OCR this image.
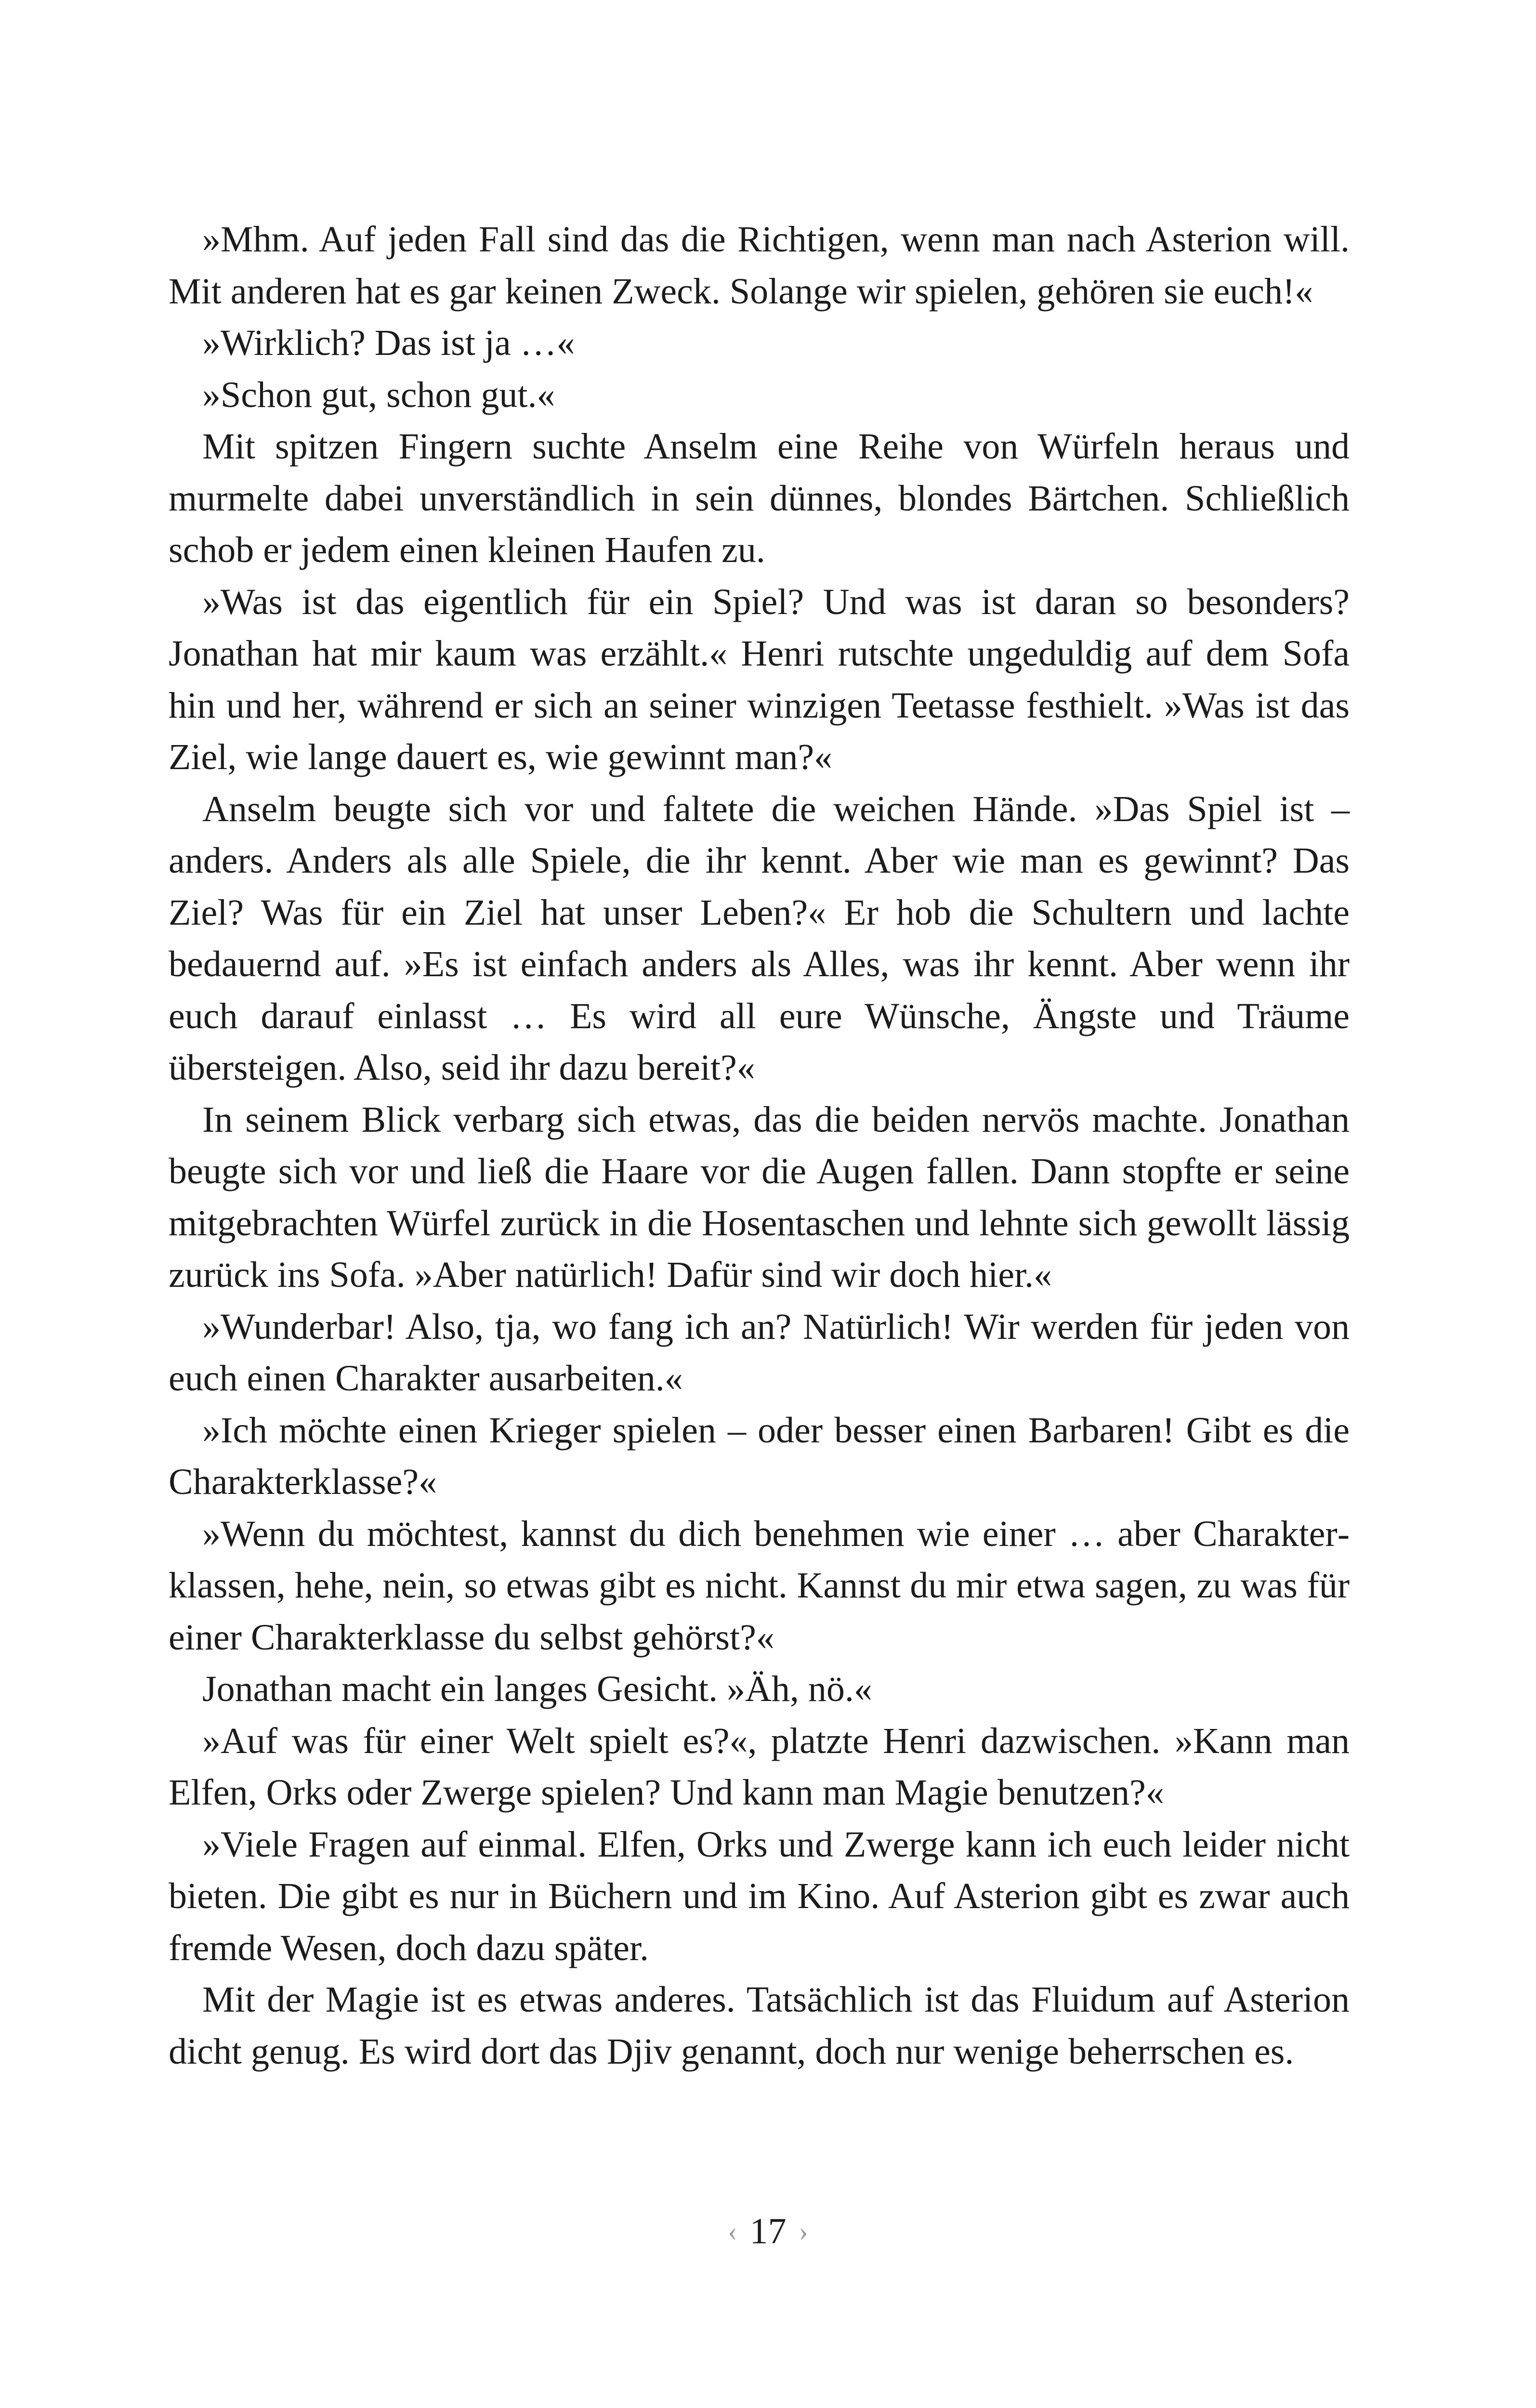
»Mhm. Auf jeden Fall sind das die Richtigen, wenn man nach Asterion will. Mit anderen hat es gar keinen Zweck. Solange wir spielen, gehören sie euch!«

»Wirklich? Das ist ja …«

»Schon gut, schon gut.«

Mit spitzen Fingern suchte Anselm eine Reihe von Würfeln heraus und murmelte dabei unverständlich in sein dünnes, blondes Bärtchen. Schließlich schob er jedem einen kleinen Haufen zu.

»Was ist das eigentlich für ein Spiel? Und was ist daran so besonders? Jonathan hat mir kaum was erzählt.« Henri rutschte ungeduldig auf dem Sofa hin und her, während er sich an seiner winzigen Teetasse festhielt. »Was ist das Ziel, wie lange dauert es, wie gewinnt man?«

Anselm beugte sich vor und faltete die weichen Hände. »Das Spiel ist – anders. Anders als alle Spiele, die ihr kennt. Aber wie man es gewinnt? Das Ziel? Was für ein Ziel hat unser Leben?« Er hob die Schultern und lachte bedauernd auf. »Es ist einfach anders als Alles, was ihr kennt. Aber wenn ihr euch darauf einlasst … Es wird all eure Wünsche, Ängste und Träume übersteigen. Also, seid ihr dazu bereit?«

In seinem Blick verbarg sich etwas, das die beiden nervös machte. Jonathan beugte sich vor und ließ die Haare vor die Augen fallen. Dann stopfte er seine mitgebrachten Würfel zurück in die Hosentaschen und lehnte sich gewollt lässig zurück ins Sofa. »Aber natürlich! Dafür sind wir doch hier.«

»Wunderbar! Also, tja, wo fang ich an? Natürlich! Wir werden für jeden von euch einen Charakter ausarbeiten.«

»Ich möchte einen Krieger spielen – oder besser einen Barbaren! Gibt es die Charakterklasse?«

»Wenn du möchtest, kannst du dich benehmen wie einer … aber Charakterklassen, hehe, nein, so etwas gibt es nicht. Kannst du mir etwa sagen, zu was für einer Charakterklasse du selbst gehörst?«

Jonathan macht ein langes Gesicht. »Äh, nö.«

»Auf was für einer Welt spielt es?«, platzte Henri dazwischen. »Kann man Elfen, Orks oder Zwerge spielen? Und kann man Magie benutzen?«

»Viele Fragen auf einmal. Elfen, Orks und Zwerge kann ich euch leider nicht bieten. Die gibt es nur in Büchern und im Kino. Auf Asterion gibt es zwar auch fremde Wesen, doch dazu später.

Mit der Magie ist es etwas anderes. Tatsächlich ist das Fluidum auf Asterion dicht genug. Es wird dort das Djiv genannt, doch nur wenige beherrschen es.

‹ 17 ›
